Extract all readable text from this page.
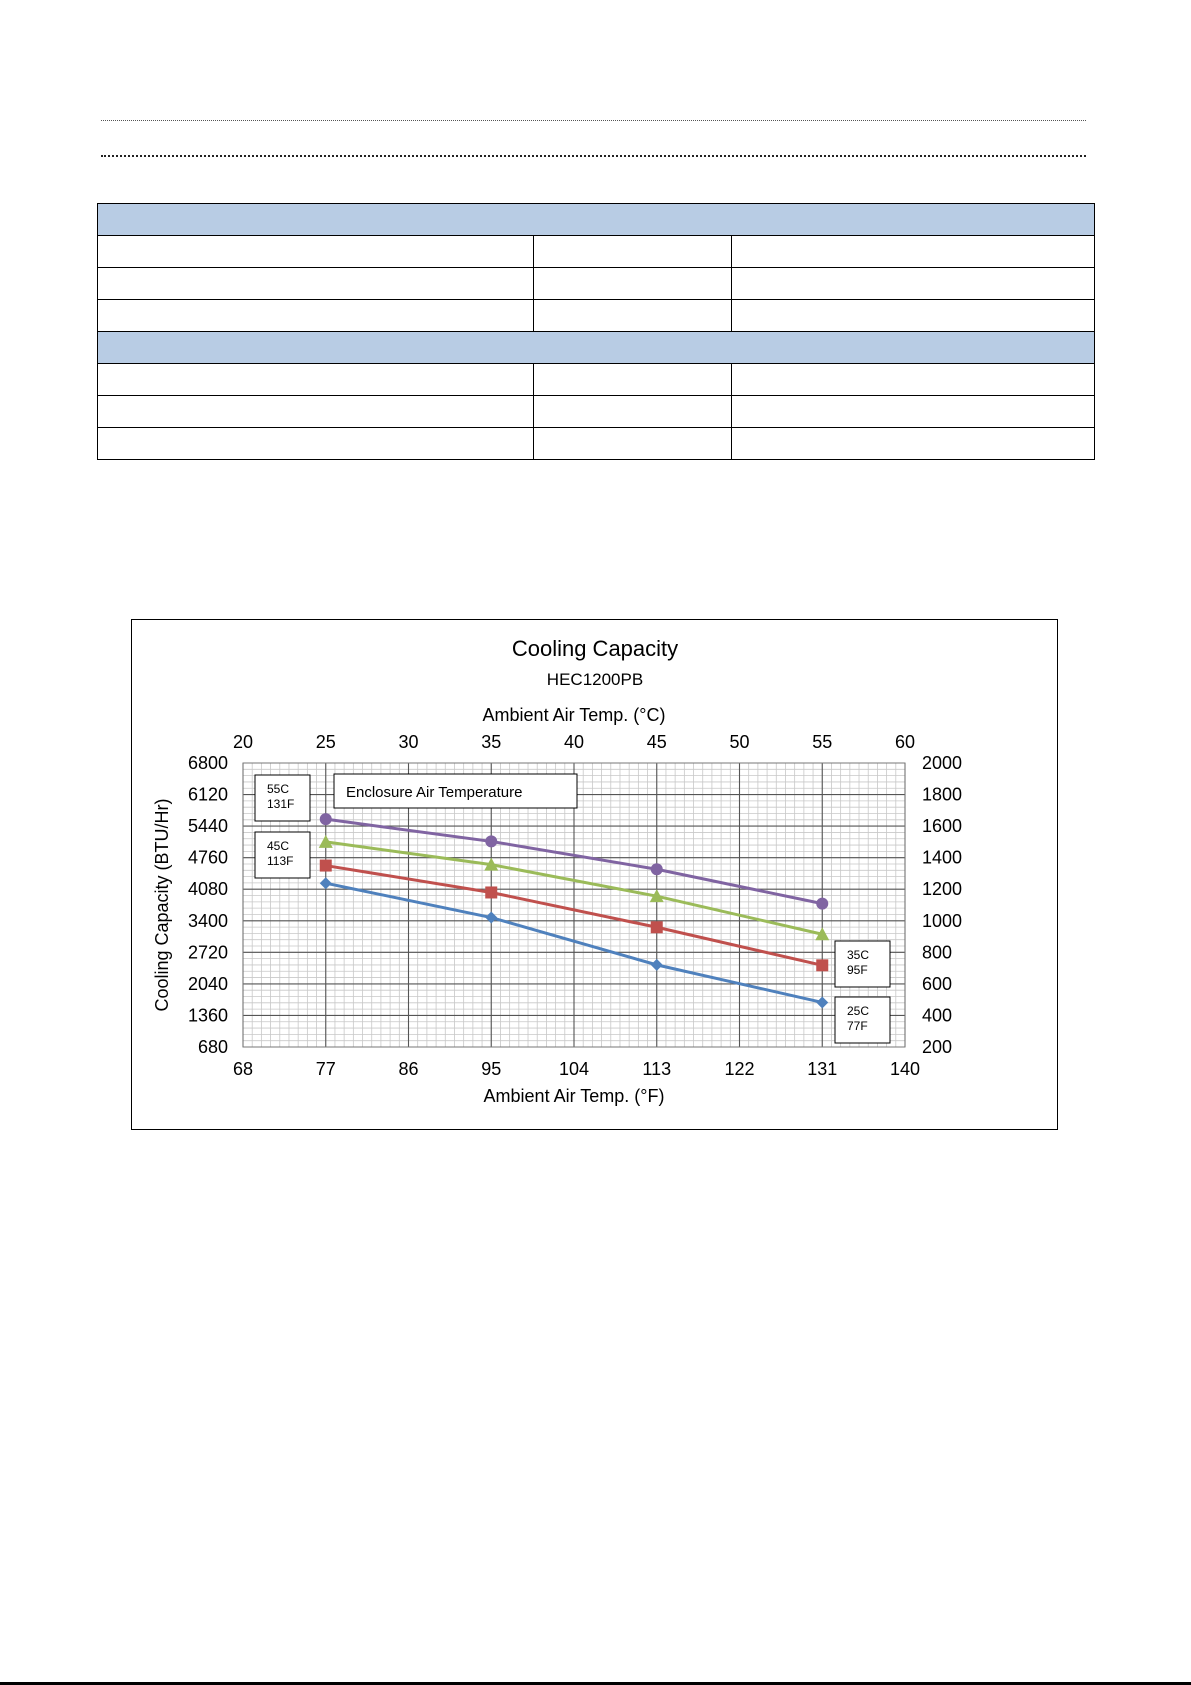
68	77	86	95	104	113	122	131	140
20	25	30	35	40	45	50	55	60
680
1360
2040
2720
3400
4080
4760
5440
6120
6800
200
400
600
800
1000
1200
1400
1600
1800
2000
Cooling Capacity
HEC1200PB
Ambient Air Temp. (°C)
Ambient Air Temp. (°F)
Cooling Capacity (BTU/Hr)
Enclosure Air Temperature
55C
131F
45C
113F
35C
95F
25C
77F
